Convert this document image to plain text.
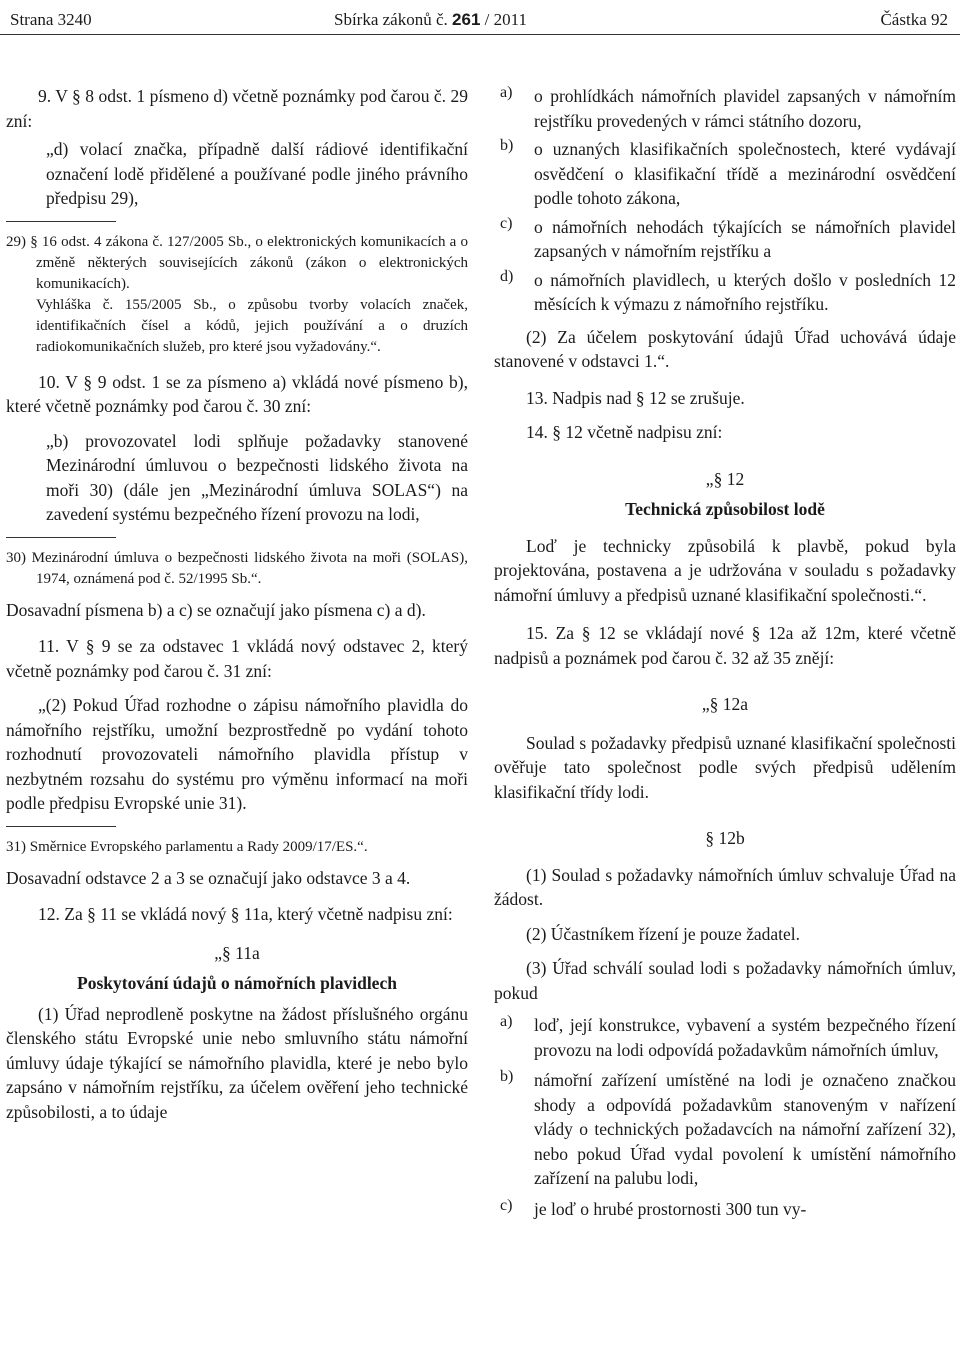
Strana 3240	Sbírka zákonů č. 261 / 2011	Částka 92

9. V § 8 odst. 1 písmeno d) včetně poznámky pod čarou č. 29 zní:

„d) volací značka, případně další rádiové identifikační označení lodě přidělené a používané podle jiného právního předpisu 29),

29) § 16 odst. 4 zákona č. 127/2005 Sb., o elektronických komunikacích a o změně některých souvisejících zákonů (zákon o elektronických komunikacích).

Vyhláška č. 155/2005 Sb., o způsobu tvorby volacích značek, identifikačních čísel a kódů, jejich používání a o druzích radiokomunikačních služeb, pro které jsou vyžadovány.“.

10. V § 9 odst. 1 se za písmeno a) vkládá nové písmeno b), které včetně poznámky pod čarou č. 30 zní:

„b) provozovatel lodi splňuje požadavky stanovené Mezinárodní úmluvou o bezpečnosti lidského života na moři 30) (dále jen „Mezinárodní úmluva SOLAS“) na zavedení systému bezpečného řízení provozu na lodi,

30) Mezinárodní úmluva o bezpečnosti lidského života na moři (SOLAS), 1974, oznámená pod č. 52/1995 Sb.“.

Dosavadní písmena b) a c) se označují jako písmena c) a d).

11. V § 9 se za odstavec 1 vkládá nový odstavec 2, který včetně poznámky pod čarou č. 31 zní:

„(2) Pokud Úřad rozhodne o zápisu námořního plavidla do námořního rejstříku, umožní bezprostředně po vydání tohoto rozhodnutí provozovateli námořního plavidla přístup v nezbytném rozsahu do systému pro výměnu informací na moři podle předpisu Evropské unie 31).

31) Směrnice Evropského parlamentu a Rady 2009/17/ES.“.

Dosavadní odstavce 2 a 3 se označují jako odstavce 3 a 4.

12. Za § 11 se vkládá nový § 11a, který včetně nadpisu zní:

„§ 11a

Poskytování údajů o námořních plavidlech

(1) Úřad neprodleně poskytne na žádost příslušného orgánu členského státu Evropské unie nebo smluvního státu námořní úmluvy údaje týkající se námořního plavidla, které je nebo bylo zapsáno v námořním rejstříku, za účelem ověření jeho technické způsobilosti, a to údaje

a) o prohlídkách námořních plavidel zapsaných v námořním rejstříku provedených v rámci státního dozoru,

b) o uznaných klasifikačních společnostech, které vydávají osvědčení o klasifikační třídě a mezinárodní osvědčení podle tohoto zákona,

c) o námořních nehodách týkajících se námořních plavidel zapsaných v námořním rejstříku a

d) o námořních plavidlech, u kterých došlo v posledních 12 měsících k výmazu z námořního rejstříku.

(2) Za účelem poskytování údajů Úřad uchovává údaje stanovené v odstavci 1.“.

13. Nadpis nad § 12 se zrušuje.

14. § 12 včetně nadpisu zní:

„§ 12

Technická způsobilost lodě

Loď je technicky způsobilá k plavbě, pokud byla projektována, postavena a je udržována v souladu s požadavky námořní úmluvy a předpisů uznané klasifikační společnosti.“.

15. Za § 12 se vkládají nové § 12a až 12m, které včetně nadpisů a poznámek pod čarou č. 32 až 35 znějí:

„§ 12a

Soulad s požadavky předpisů uznané klasifikační společnosti ověřuje tato společnost podle svých předpisů udělením klasifikační třídy lodi.

§ 12b

(1) Soulad s požadavky námořních úmluv schvaluje Úřad na žádost.

(2) Účastníkem řízení je pouze žadatel.

(3) Úřad schválí soulad lodi s požadavky námořních úmluv, pokud

a) loď, její konstrukce, vybavení a systém bezpečného řízení provozu na lodi odpovídá požadavkům námořních úmluv,

b) námořní zařízení umístěné na lodi je označeno značkou shody a odpovídá požadavkům stanoveným v nařízení vlády o technických požadavcích na námořní zařízení 32), nebo pokud Úřad vydal povolení k umístění námořního zařízení na palubu lodi,

c) je loď o hrubé prostornosti 300 tun vy-
